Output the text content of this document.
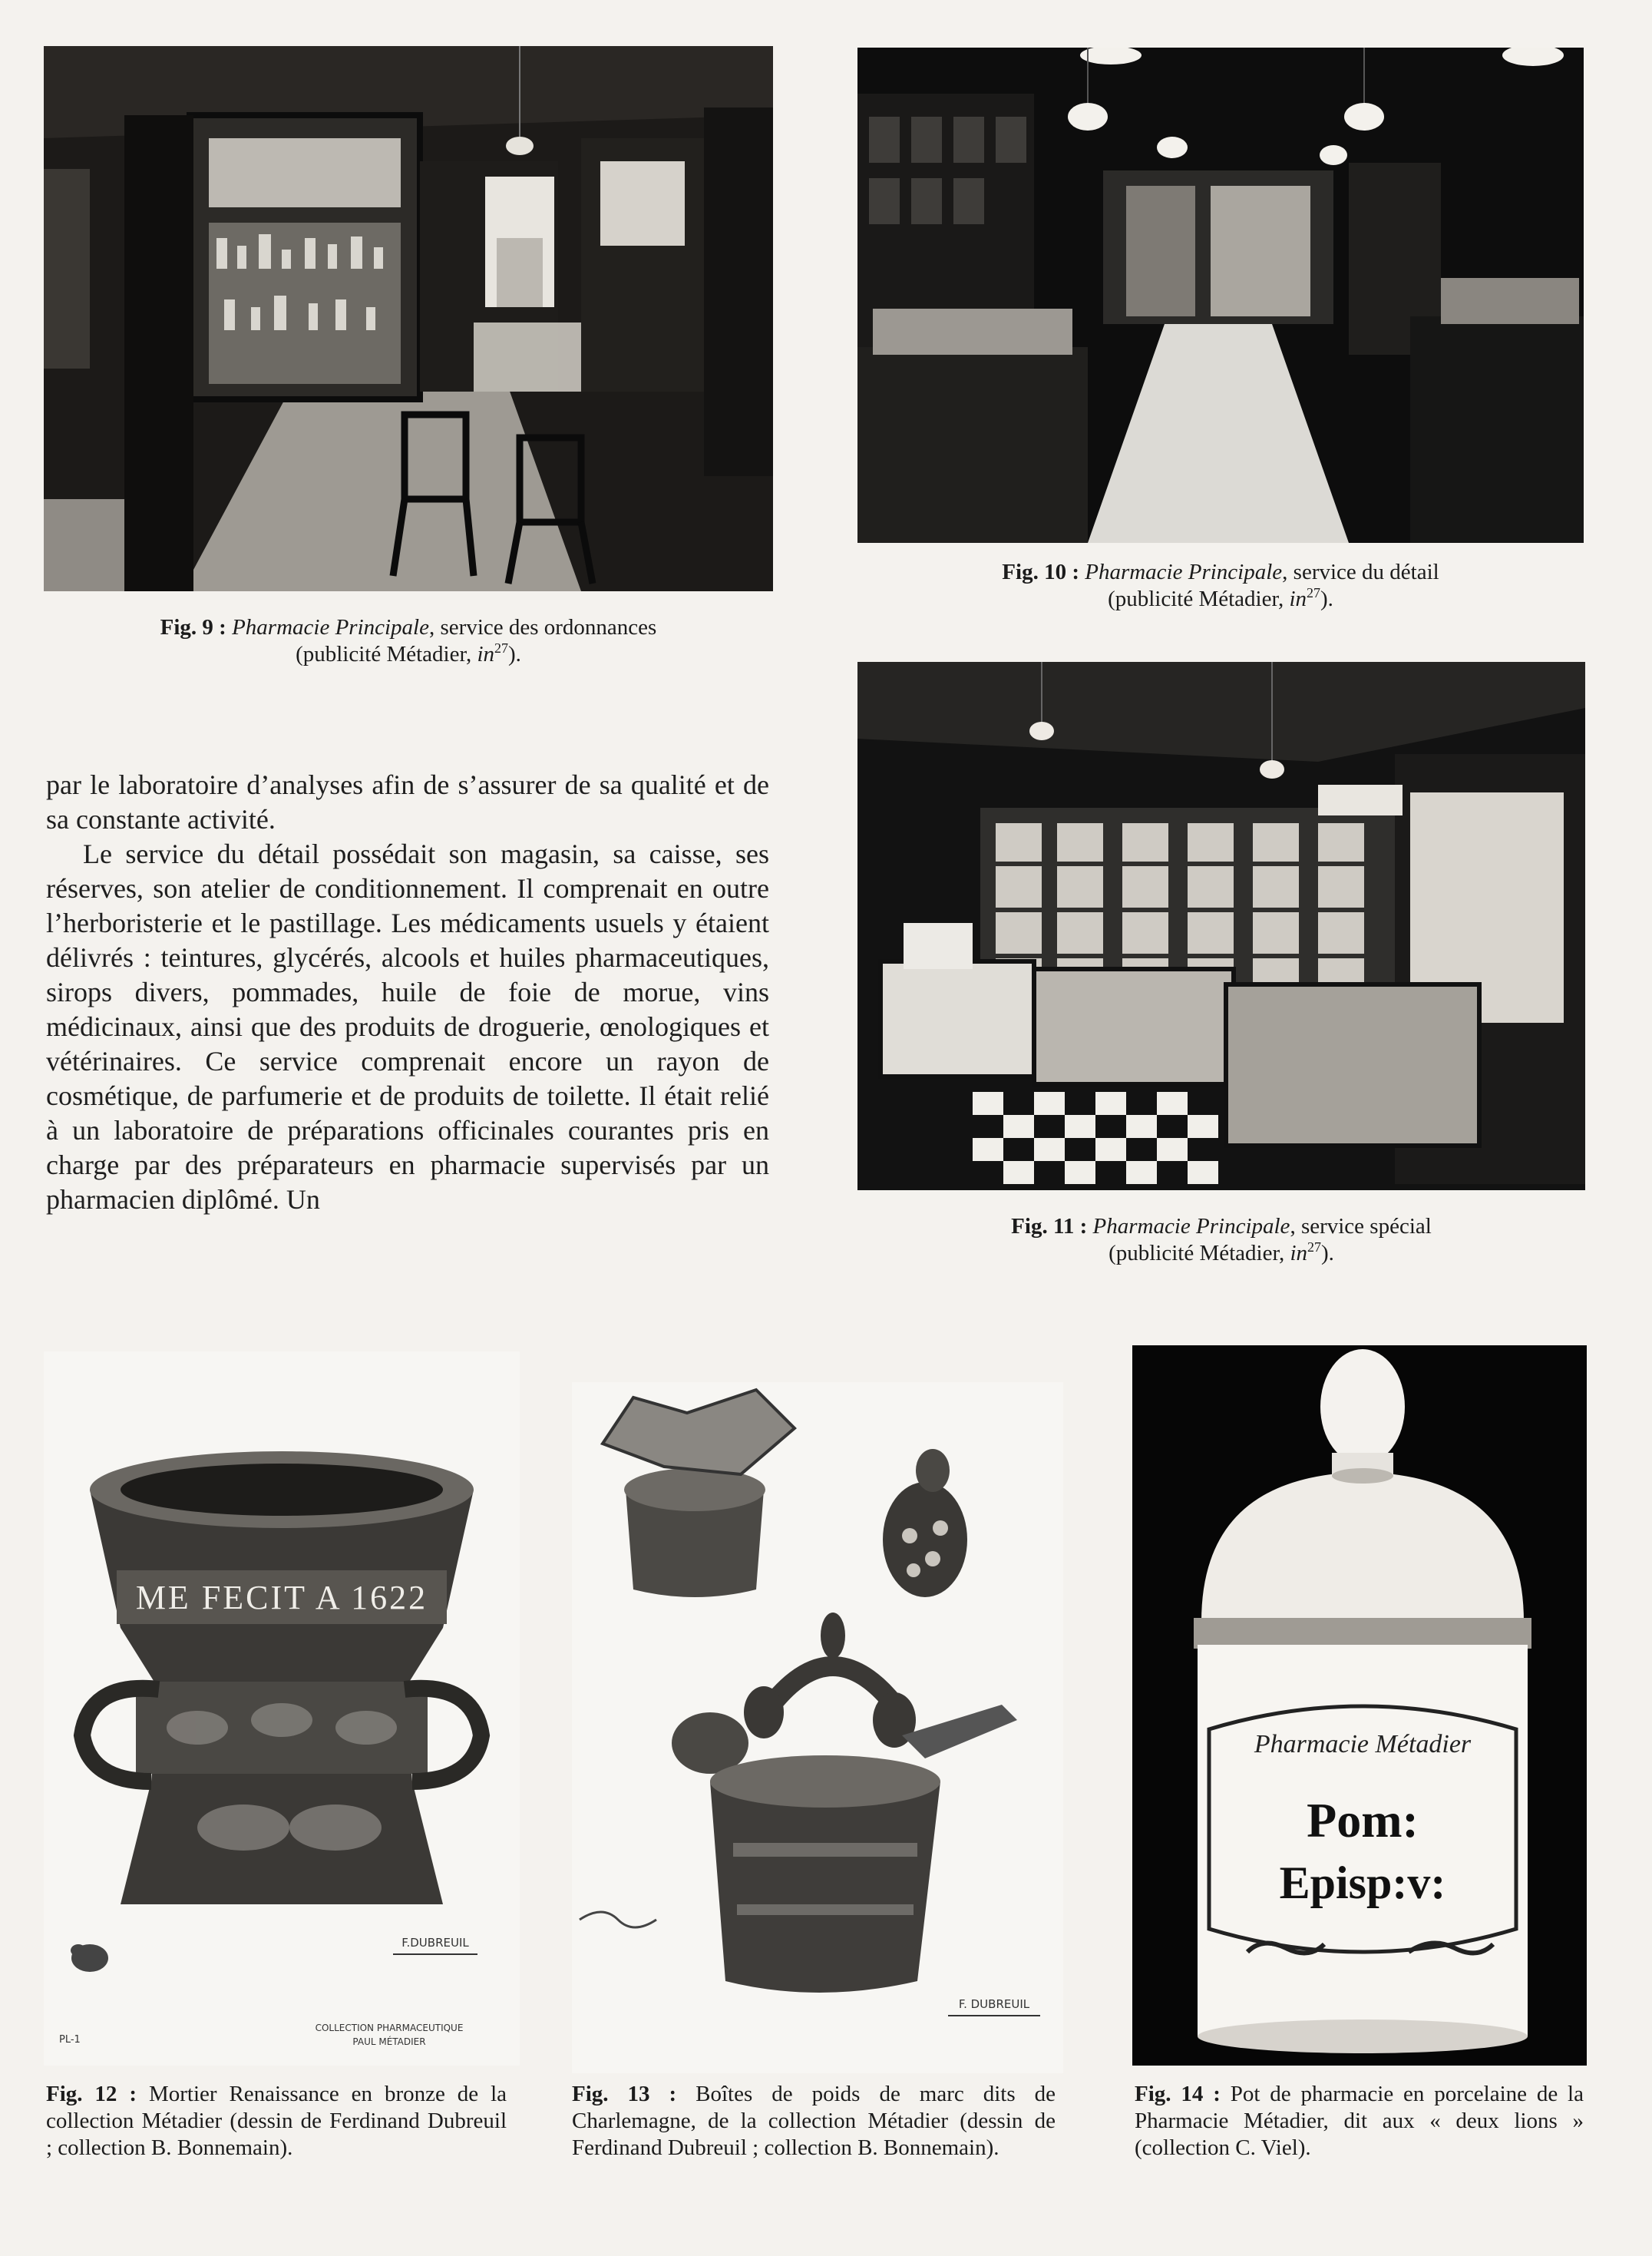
Fig. 9 : Pharmacie Principale, service des ordonnances
(publicité Métadier, $in^{27}$).
Fig. 10 : Pharmacie Principale, service du détail
(publicité Métadier, $in^{27}$).
Fig. 11 : Pharmacie Principale, service spécial
(publicité Métadier, $in^{27}$).

par le laboratoire d’analyses afin de s’assurer de sa qualité et de sa constante activité.

Le service du détail possédait son magasin, sa caisse, ses réserves, son atelier de conditionnement. Il comprenait en outre l’herboristerie et le pastillage. Les médicaments usuels y étaient délivrés : teintures, glycérés, alcools et huiles pharmaceutiques, sirops divers, pommades, huile de foie de morue, vins médicinaux, ainsi que des produits de droguerie, œnologiques et vétérinaires. Ce service comprenait encore un rayon de cosmétique, de parfumerie et de produits de toilette. Il était relié à un laboratoire de préparations officinales courantes pris en charge par des préparateurs en pharmacie supervisés par un pharmacien diplômé. Un

ME FECIT A 1622
F.DUBREUIL
PL-1
COLLECTION PHARMACEUTIQUE
PAUL MÉTADIER
Fig. 12 : Mortier Renaissance en bronze de la collection Métadier (dessin de Ferdinand Dubreuil ; collection B. Bonnemain).
F. DUBREUIL
Fig. 13 : Boîtes de poids de marc dits de Charlemagne, de la collection Métadier (dessin de Ferdinand Dubreuil ; collection B. Bonnemain).
Pharmacie Métadier
Pom:
Episp:v:
Fig. 14 : Pot de pharmacie en porcelaine de la Pharmacie Métadier, dit aux « deux lions » (collection C. Viel).
